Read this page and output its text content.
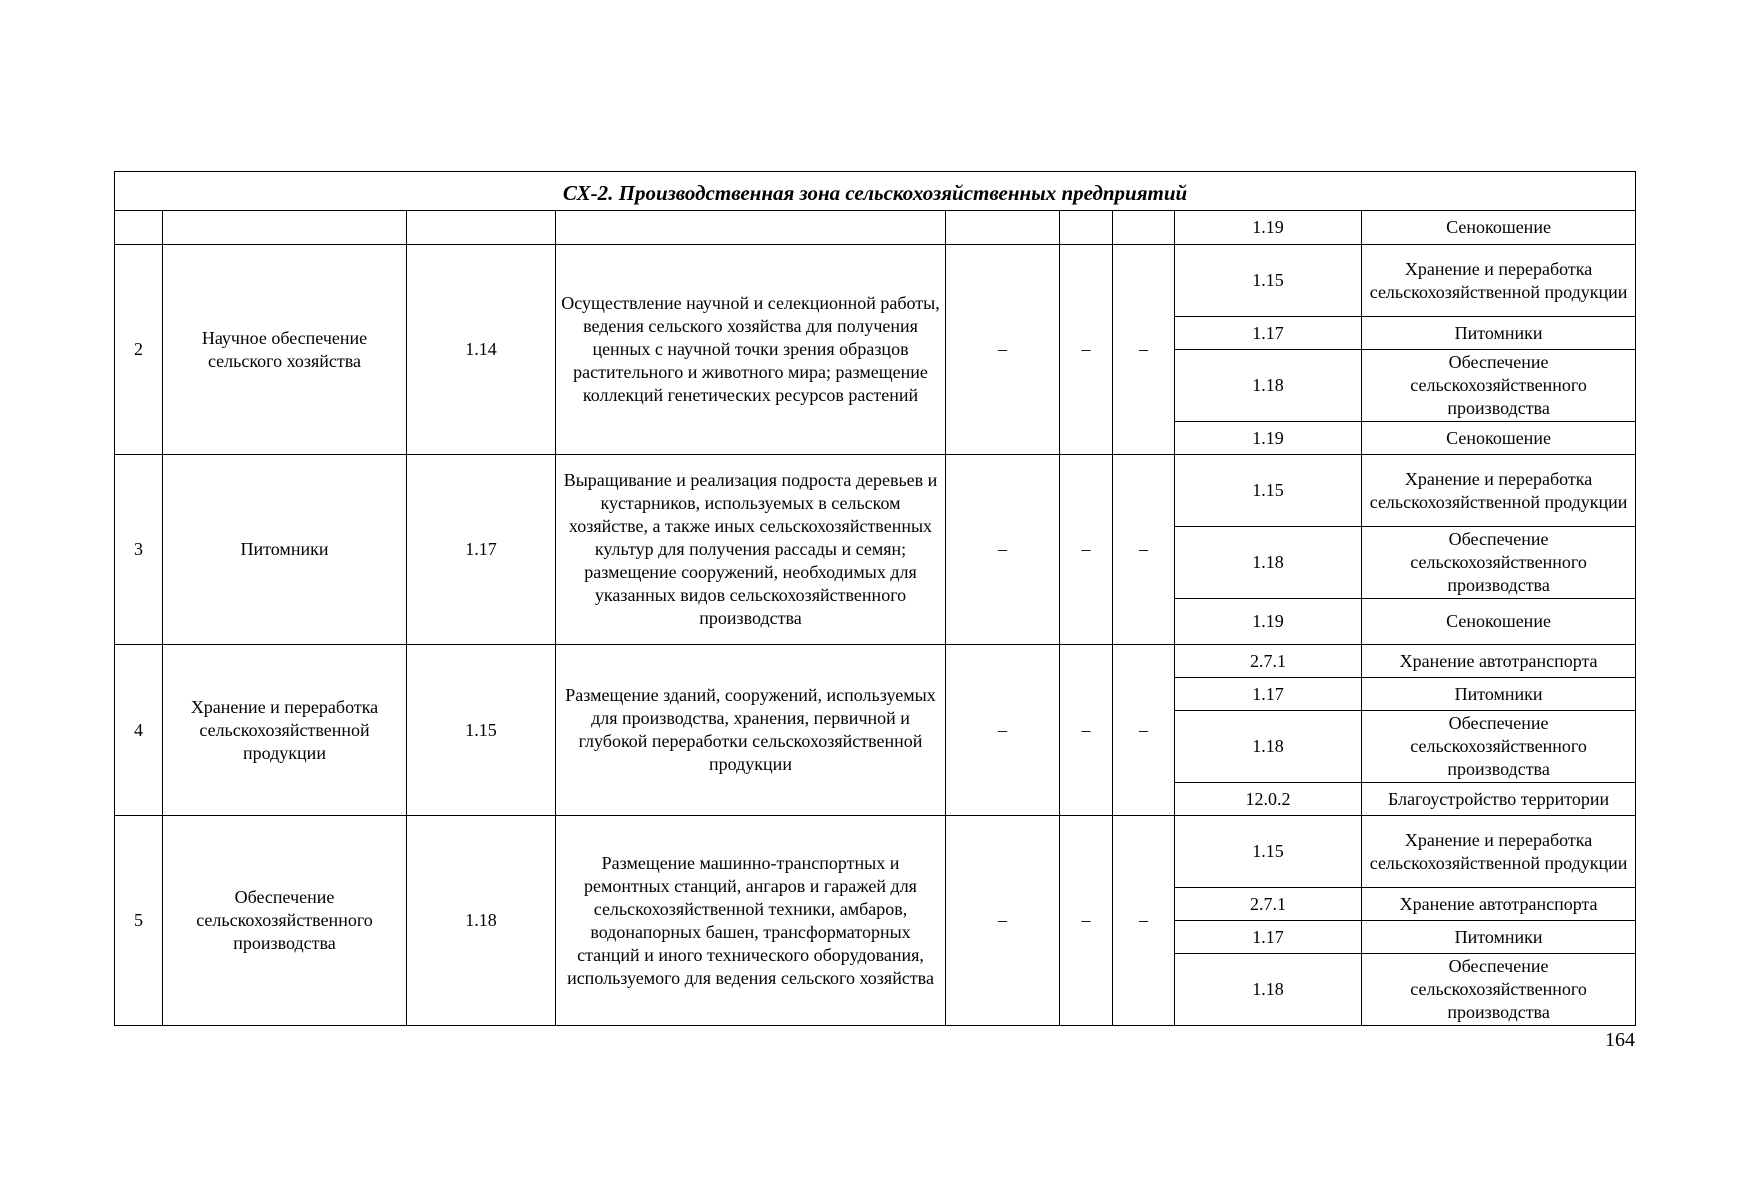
СХ-2. Производственная зона сельскохозяйственных предприятий								
							1.19	Сенокошение
2	Научное обеспечение сельского хозяйства	1.14	Осуществление научной и селекционной работы, ведения сельского хозяйства для получения ценных с научной точки зрения образцов растительного и животного мира; размещение коллекций генетических ресурсов растений	–	–	–	1.15	Хранение и переработка сельскохозяйственной продукции
							1.17	Питомники
							1.18	Обеспечение сельскохозяйственного производства
							1.19	Сенокошение
3	Питомники	1.17	Выращивание и реализация подроста деревьев и кустарников, используемых в сельском хозяйстве, а также иных сельскохозяйственных культур для получения рассады и семян; размещение сооружений, необходимых для указанных видов сельскохозяйственного производства	–	–	–	1.15	Хранение и переработка сельскохозяйственной продукции
							1.18	Обеспечение сельскохозяйственного производства
							1.19	Сенокошение
4	Хранение и переработка сельскохозяйственной продукции	1.15	Размещение зданий, сооружений, используемых для производства, хранения, первичной и глубокой переработки сельскохозяйственной продукции	–	–	–	2.7.1	Хранение автотранспорта
							1.17	Питомники
							1.18	Обеспечение сельскохозяйственного производства
							12.0.2	Благоустройство территории
5	Обеспечение сельскохозяйственного производства	1.18	Размещение машинно-транспортных и ремонтных станций, ангаров и гаражей для сельскохозяйственной техники, амбаров, водонапорных башен, трансформаторных станций и иного технического оборудования, используемого для ведения сельского хозяйства	–	–	–	1.15	Хранение и переработка сельскохозяйственной продукции
							2.7.1	Хранение автотранспорта
							1.17	Питомники
							1.18	Обеспечение сельскохозяйственного производства
164
